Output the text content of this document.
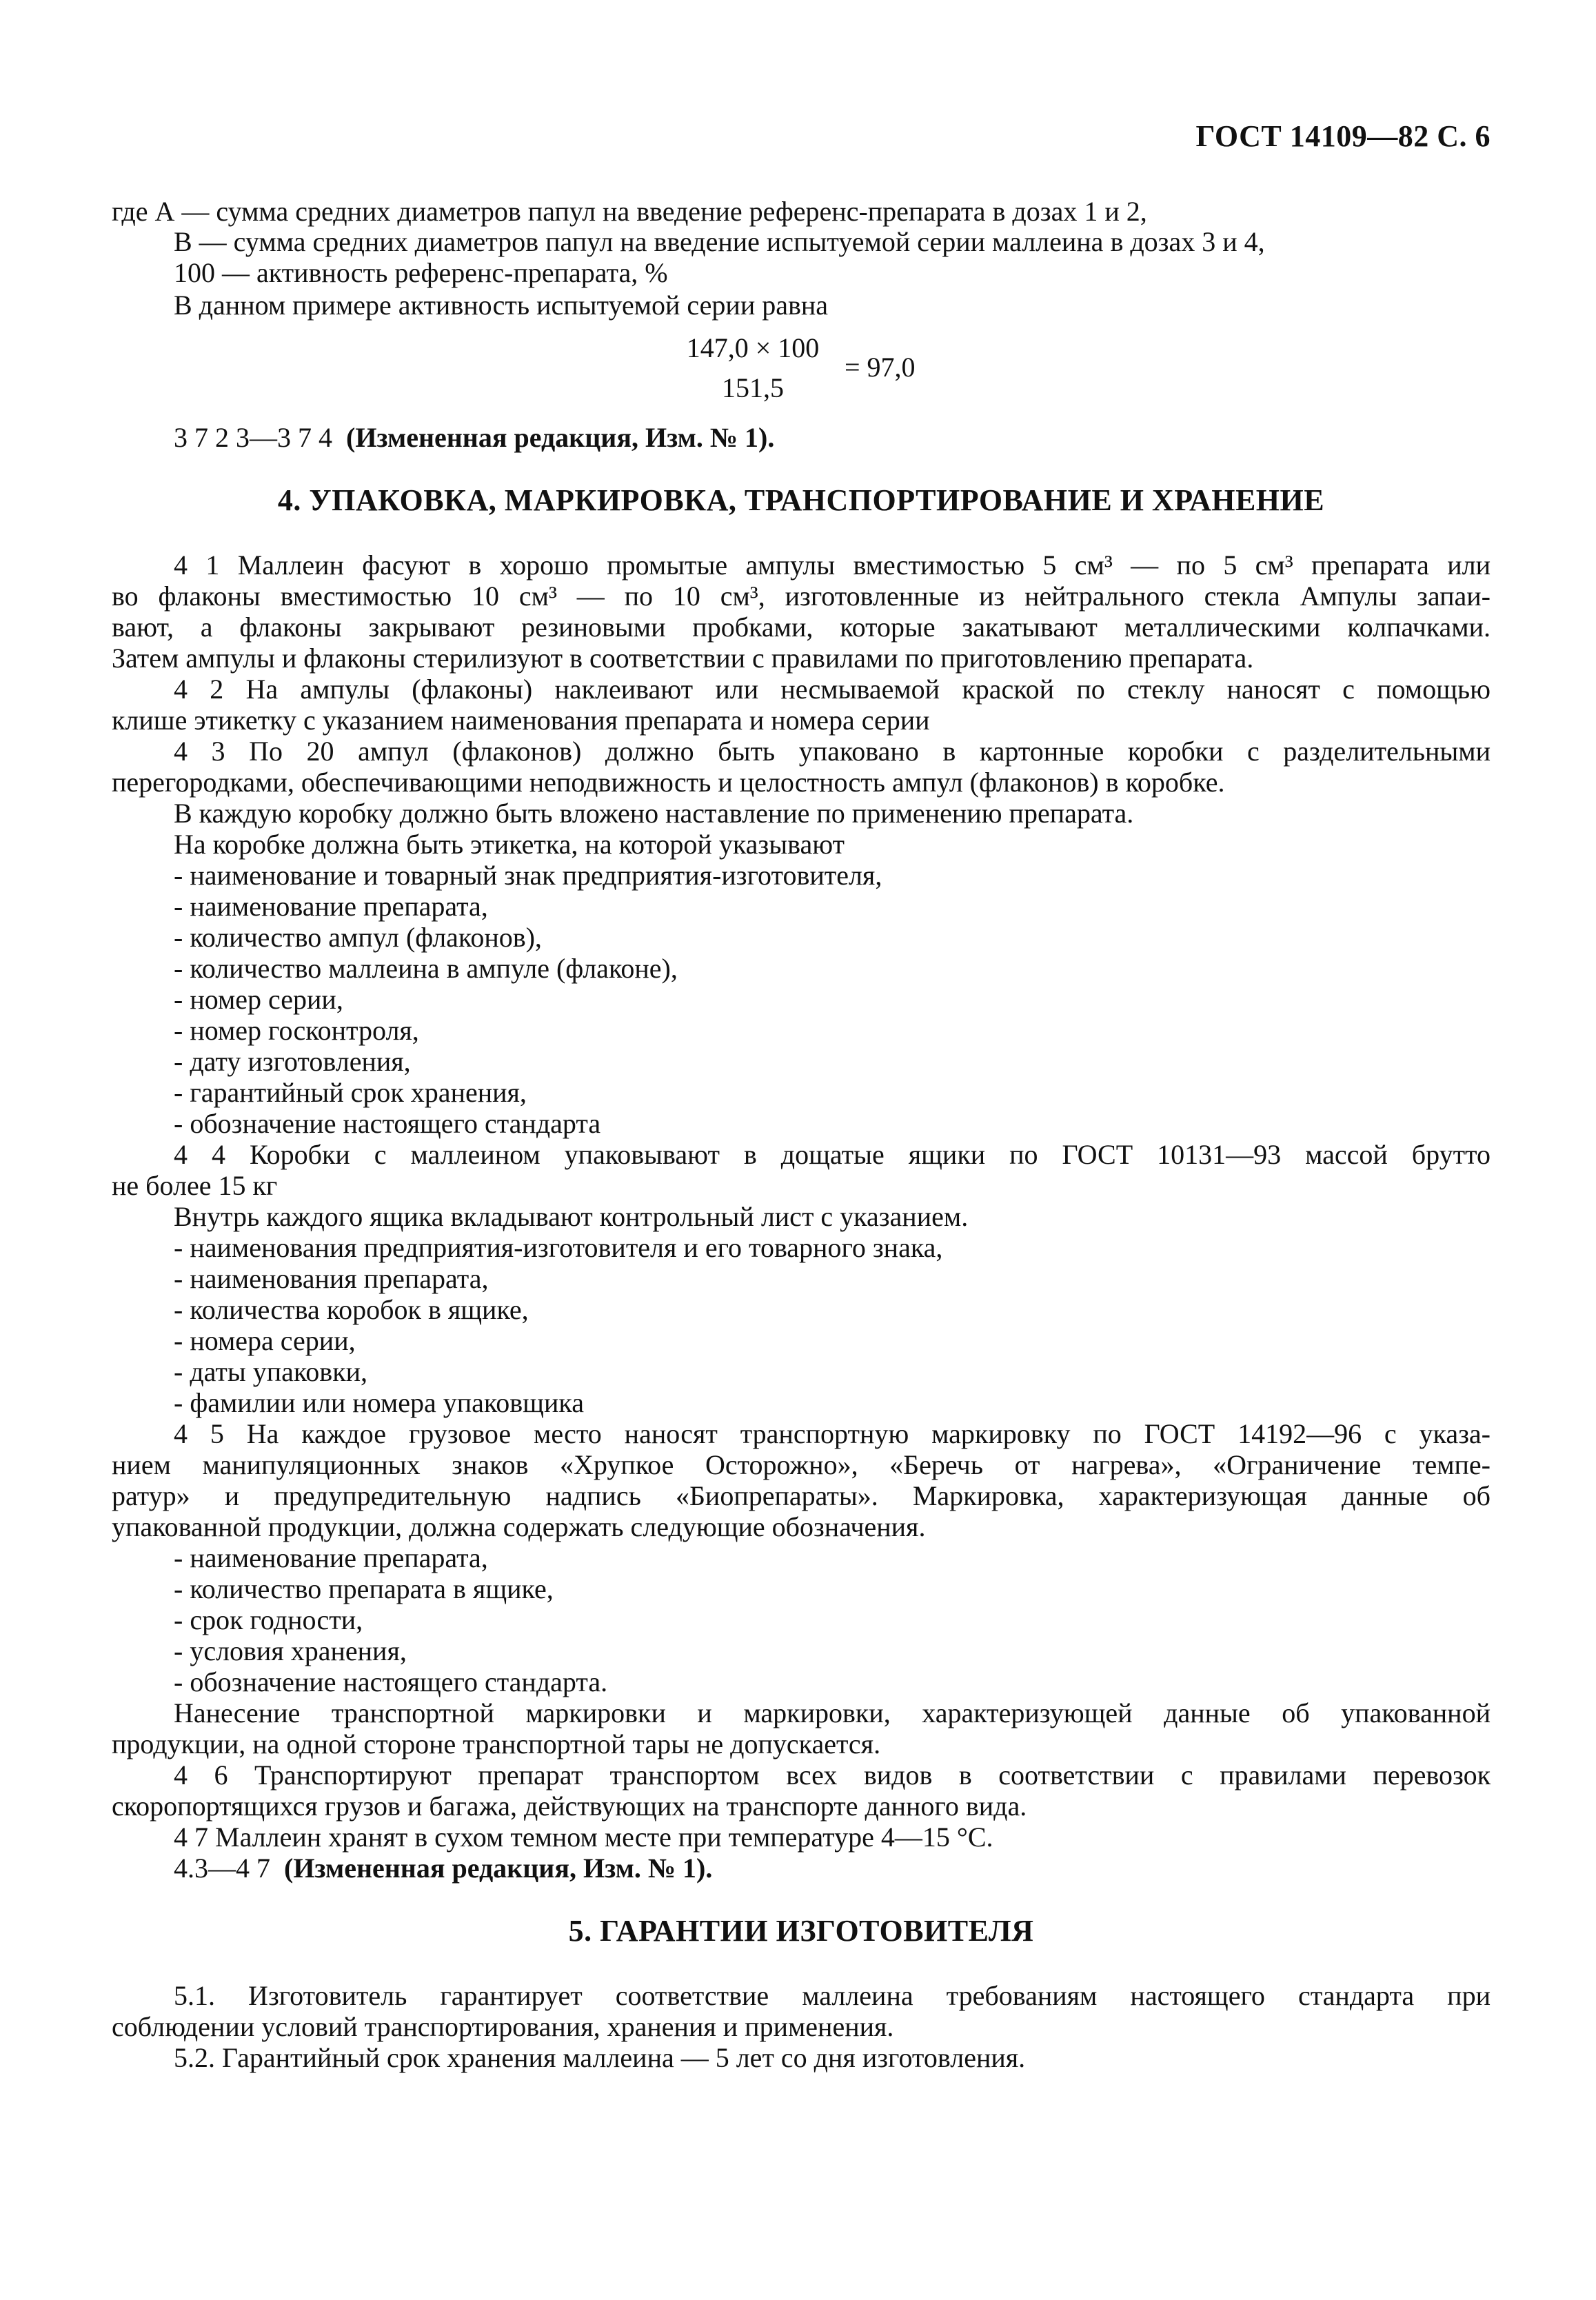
ГОСТ 14109—82 С. 6
где А — сумма средних диаметров папул на введение референс-препарата в дозах 1 и 2,
В — сумма средних диаметров папул на введение испытуемой серии маллеина в дозах 3 и 4,
100 — активность референс-препарата, %
В данном примере активность испытуемой серии равна
147,0 × 100
151,5
= 97,0
3 7 2 3—3 7 4 (Измененная редакция, Изм. № 1).
4. УПАКОВКА, МАРКИРОВКА, ТРАНСПОРТИРОВАНИЕ И ХРАНЕНИЕ
4 1 Маллеин фасуют в хорошо промытые ампулы вместимостью 5 см³ — по 5 см³ препарата или
во флаконы вместимостью 10 см³ — по 10 см³, изготовленные из нейтрального стекла Ампулы запаи-
вают, а флаконы закрывают резиновыми пробками, которые закатывают металлическими колпачками.
Затем ампулы и флаконы стерилизуют в соответствии с правилами по приготовлению препарата.
4 2 На ампулы (флаконы) наклеивают или несмываемой краской по стеклу наносят с помощью
клише этикетку с указанием наименования препарата и номера серии
4 3 По 20 ампул (флаконов) должно быть упаковано в картонные коробки с разделительными
перегородками, обеспечивающими неподвижность и целостность ампул (флаконов) в коробке.
В каждую коробку должно быть вложено наставление по применению препарата.
На коробке должна быть этикетка, на которой указывают
- наименование и товарный знак предприятия-изготовителя,
- наименование препарата,
- количество ампул (флаконов),
- количество маллеина в ампуле (флаконе),
- номер серии,
- номер госконтроля,
- дату изготовления,
- гарантийный срок хранения,
- обозначение настоящего стандарта
4 4 Коробки с маллеином упаковывают в дощатые ящики по ГОСТ 10131—93 массой брутто
не более 15 кг
Внутрь каждого ящика вкладывают контрольный лист с указанием.
- наименования предприятия-изготовителя и его товарного знака,
- наименования препарата,
- количества коробок в ящике,
- номера серии,
- даты упаковки,
- фамилии или номера упаковщика
4 5 На каждое грузовое место наносят транспортную маркировку по ГОСТ 14192—96 с указа-
нием манипуляционных знаков «Хрупкое Осторожно», «Беречь от нагрева», «Ограничение темпе-
ратур» и предупредительную надпись «Биопрепараты». Маркировка, характеризующая данные об
упакованной продукции, должна содержать следующие обозначения.
- наименование препарата,
- количество препарата в ящике,
- срок годности,
- условия хранения,
- обозначение настоящего стандарта.
Нанесение транспортной маркировки и маркировки, характеризующей данные об упакованной
продукции, на одной стороне транспортной тары не допускается.
4 6 Транспортируют препарат транспортом всех видов в соответствии с правилами перевозок
скоропортящихся грузов и багажа, действующих на транспорте данного вида.
4 7 Маллеин хранят в сухом темном месте при температуре 4—15 °С.
4.3—4 7 (Измененная редакция, Изм. № 1).
5. ГАРАНТИИ ИЗГОТОВИТЕЛЯ
5.1. Изготовитель гарантирует соответствие маллеина требованиям настоящего стандарта при
соблюдении условий транспортирования, хранения и применения.
5.2. Гарантийный срок хранения маллеина — 5 лет со дня изготовления.
